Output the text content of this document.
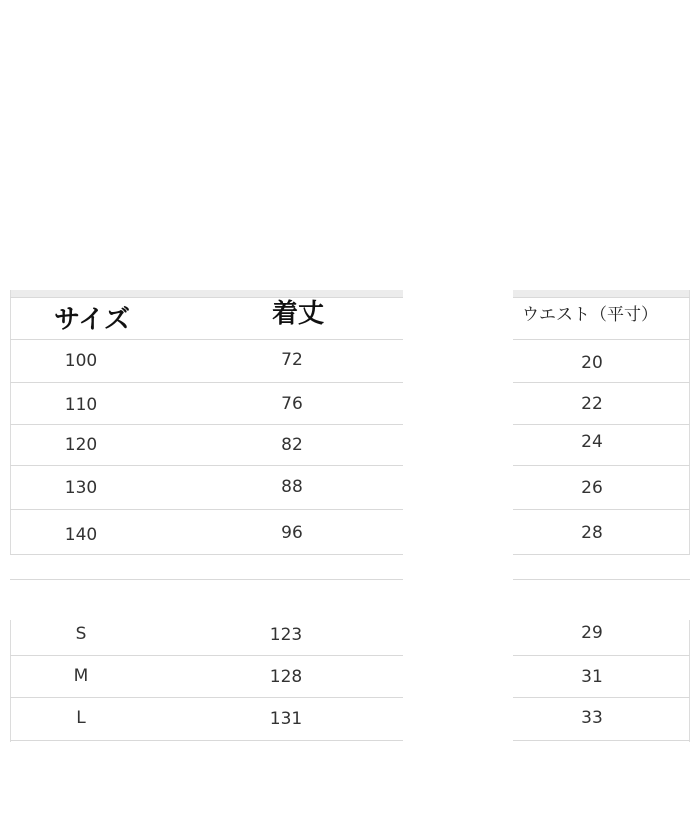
サイズ	着丈	ウエスト（平寸）
100	72	20
110	76	22
120	82	24
130	88	26
140	96	28
S	123	29
M	128	31
L	131	33
